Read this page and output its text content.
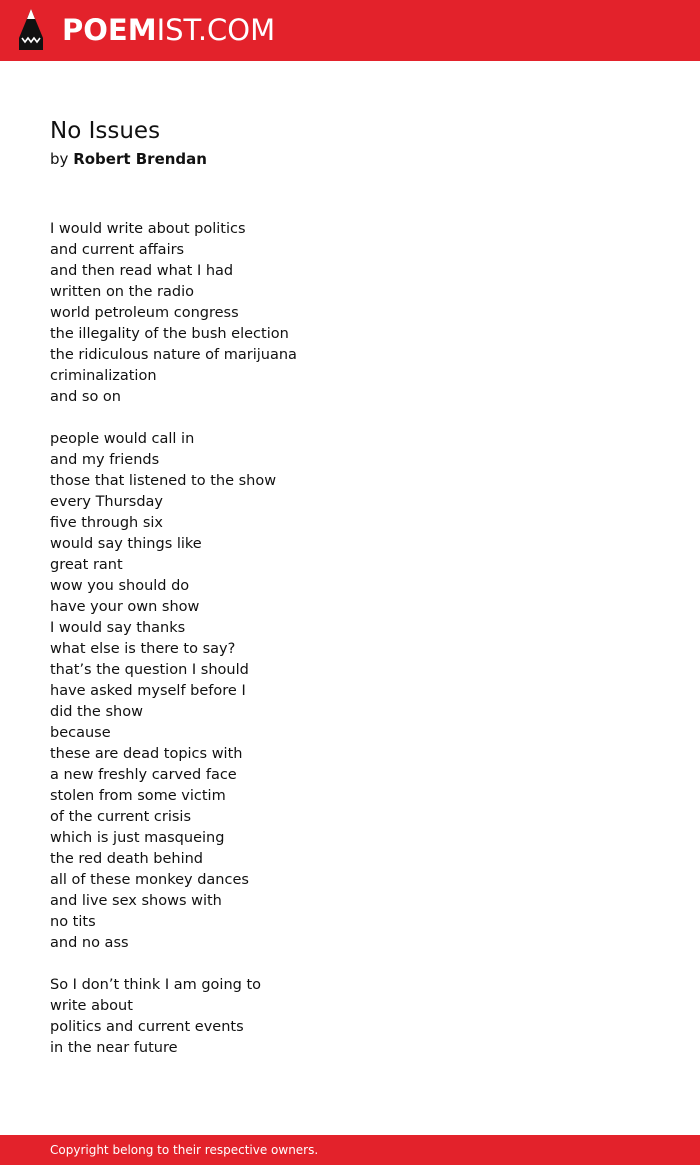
POEMIST.COM
No Issues
by Robert Brendan
I would write about politics
and current affairs
and then read what I had
written on the radio
world petroleum congress
the illegality of the bush election
the ridiculous nature of marijuana
criminalization
and so on
people would call in
and my friends
those that listened to the show
every Thursday
five through six
would say things like
great rant
wow you should do
have your own show
I would say thanks
what else is there to say?
that’s the question I should
have asked myself before I
did the show
because
these are dead topics with
a new freshly carved face
stolen from some victim
of the current crisis
which is just masqueing
the red death behind
all of these monkey dances
and live sex shows with
no tits
and no ass
So I don’t think I am going to
write about
politics and current events
in the near future
Copyright belong to their respective owners.
